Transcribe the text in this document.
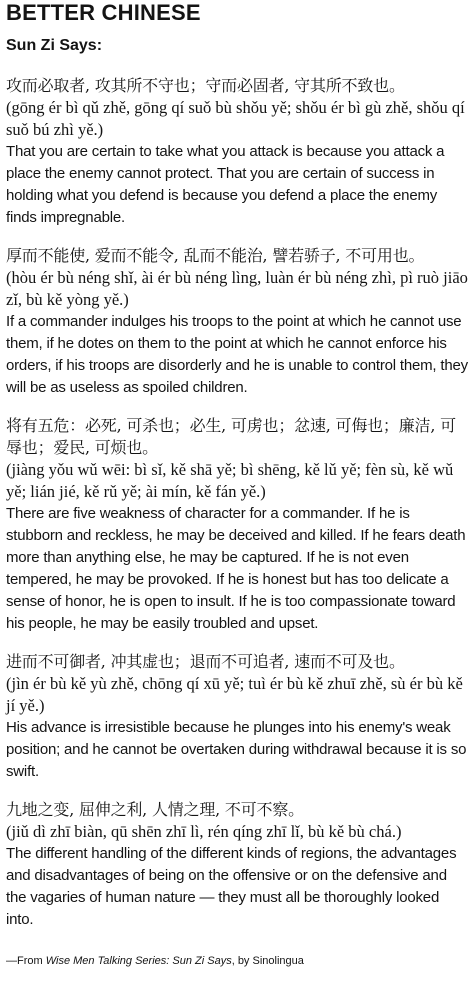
BETTER CHINESE
Sun Zi Says:

攻而必取者, 攻其所不守也；守而必固者, 守其所不致也。

(gōng ér bì qǔ zhě, gōng qí suǒ bù shǒu yě; shǒu ér bì gù zhě, shǒu qí suǒ bú zhì yě.)

That you are certain to take what you attack is because you attack a place the enemy cannot protect. That you are certain of success in holding what you defend is because you defend a place the enemy finds impregnable.

厚而不能使, 爱而不能令, 乱而不能治, 譬若骄子, 不可用也。

(hòu ér bù néng shǐ, ài ér bù néng lìng, luàn ér bù néng zhì, pì ruò jiāo zǐ, bù kě yòng yě.)

If a commander indulges his troops to the point at which he cannot use them, if he dotes on them to the point at which he cannot enforce his orders, if his troops are disorderly and he is unable to control them, they will be as useless as spoiled children.

将有五危：必死, 可杀也；必生, 可虏也；忿速, 可侮也；廉洁, 可辱也；爱民, 可烦也。

(jiàng yǒu wǔ wēi: bì sǐ, kě shā yě; bì shēng, kě lǔ yě; fèn sù, kě wǔ yě; lián jié, kě rǔ yě; ài mín, kě fán yě.)

There are five weakness of character for a commander. If he is stubborn and reckless, he may be deceived and killed. If he fears death more than anything else, he may be captured. If he is not even tempered, he may be provoked. If he is honest but has too delicate a sense of honor, he is open to insult. If he is too compassionate toward his people, he may be easily troubled and upset.

进而不可御者, 冲其虚也；退而不可追者, 速而不可及也。

(jìn ér bù kě yù zhě, chōng qí xū yě; tuì ér bù kě zhuī zhě, sù ér bù kě jí yě.)

His advance is irresistible because he plunges into his enemy's weak position; and he cannot be overtaken during withdrawal because it is so swift.

九地之变, 屈伸之利, 人情之理, 不可不察。

(jiǔ dì zhī biàn, qū shēn zhī lì, rén qíng zhī lǐ, bù kě bù chá.)

The different handling of the different kinds of regions, the advantages and disadvantages of being on the offensive or on the defensive and the vagaries of human nature — they must all be thoroughly looked into.

—From Wise Men Talking Series: Sun Zi Says, by Sinolingua
